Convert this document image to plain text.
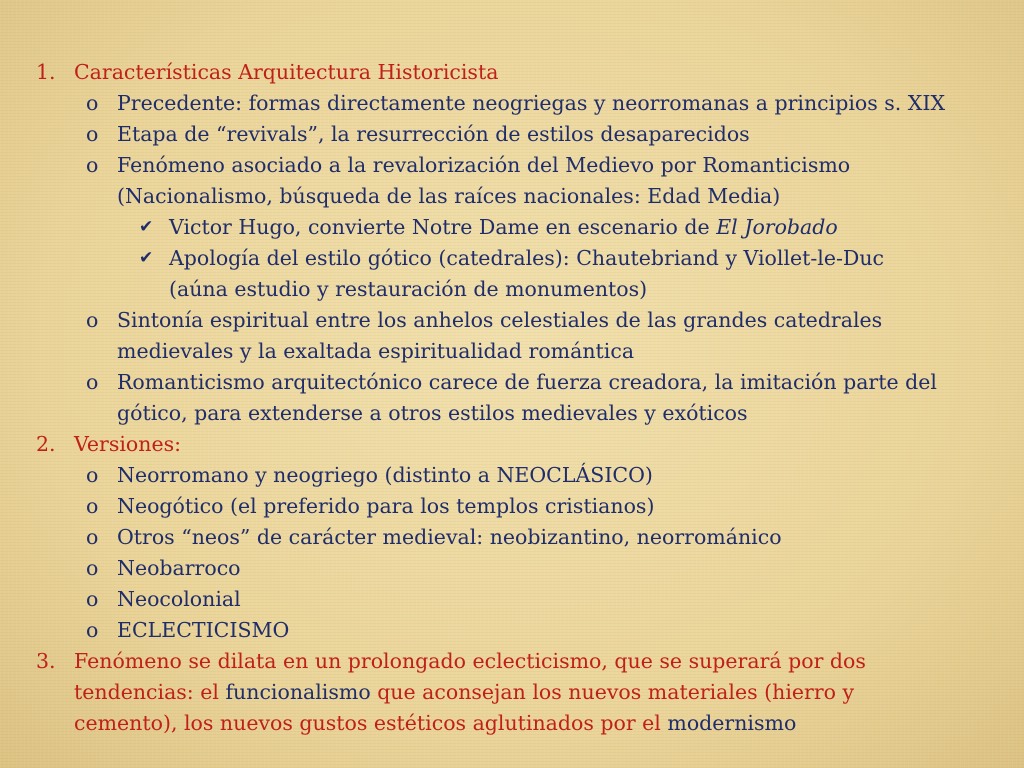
1. Características Arquitectura Historicista
o Precedente: formas directamente neogriegas y neorromanas a principios s. XIX
o Etapa de “revivals”, la resurrección de estilos desaparecidos
o Fenómeno asociado a la revalorización del Medievo por Romanticismo
(Nacionalismo, búsqueda de las raíces nacionales: Edad Media)
✔ Victor Hugo, convierte Notre Dame en escenario de El Jorobado
✔ Apología del estilo gótico (catedrales): Chautebriand y Viollet-le-Duc
(aúna estudio y restauración de monumentos)
o Sintonía espiritual entre los anhelos celestiales de las grandes catedrales
medievales y la exaltada espiritualidad romántica
o Romanticismo arquitectónico carece de fuerza creadora, la imitación parte del
gótico, para extenderse a otros estilos medievales y exóticos
2. Versiones:
o Neorromano y neogriego (distinto a NEOCLÁSICO)
o Neogótico (el preferido para los templos cristianos)
o Otros “neos” de carácter medieval: neobizantino, neorrománico
o Neobarroco
o Neocolonial
o ECLECTICISMO
3. Fenómeno se dilata en un prolongado eclecticismo, que se superará por dos
tendencias: el funcionalismo que aconsejan los nuevos materiales (hierro y
cemento), los nuevos gustos estéticos aglutinados por el modernismo
